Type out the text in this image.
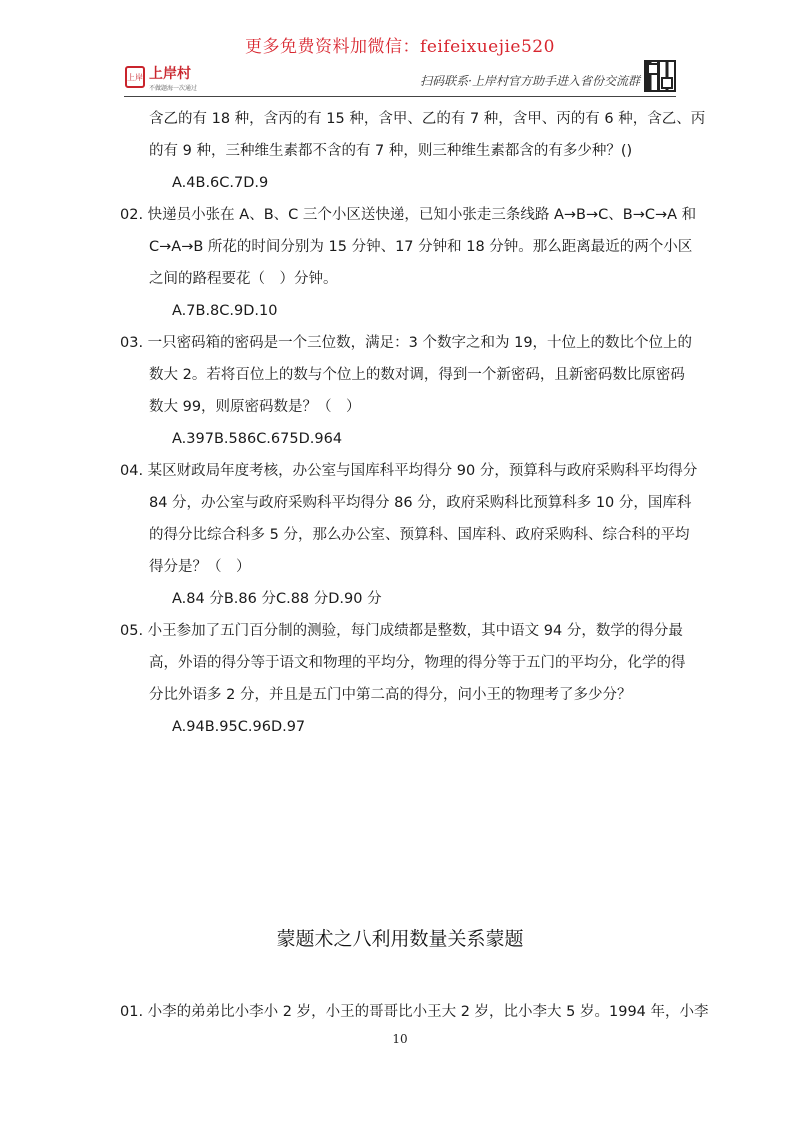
更多免费资料加微信：feifeixuejie520
上岸 上岸村
不做题海一次通过
扫码联系·上岸村官方助手进入省份交流群
含乙的有 18 种，含丙的有 15 种，含甲、乙的有 7 种，含甲、丙的有 6 种，含乙、丙
的有 9 种，三种维生素都不含的有 7 种，则三种维生素都含的有多少种？()
A.4 B.6 C.7 D.9
02. 快递员小张在 A、B、C 三个小区送快递，已知小张走三条线路 A→B→C、B→C→A 和
C→A→B 所花的时间分别为 15 分钟、17 分钟和 18 分钟。那么距离最近的两个小区
之间的路程要花（　）分钟。
A.7 B.8 C.9 D.10
03. 一只密码箱的密码是一个三位数，满足：3 个数字之和为 19，十位上的数比个位上的
数大 2。若将百位上的数与个位上的数对调，得到一个新密码，且新密码数比原密码
数大 99，则原密码数是？（　）
A.397 B.586 C.675 D.964
04. 某区财政局年度考核，办公室与国库科平均得分 90 分，预算科与政府采购科平均得分
84 分，办公室与政府采购科平均得分 86 分，政府采购科比预算科多 10 分，国库科
的得分比综合科多 5 分，那么办公室、预算科、国库科、政府采购科、综合科的平均
得分是？（　）
A.84 分 B.86 分 C.88 分 D.90 分
05. 小王参加了五门百分制的测验，每门成绩都是整数，其中语文 94 分，数学的得分最
高，外语的得分等于语文和物理的平均分，物理的得分等于五门的平均分，化学的得
分比外语多 2 分，并且是五门中第二高的得分，问小王的物理考了多少分？
A.94 B.95 C.96 D.97
蒙题术之八利用数量关系蒙题
01. 小李的弟弟比小李小 2 岁，小王的哥哥比小王大 2 岁，比小李大 5 岁。1994 年，小李
10
